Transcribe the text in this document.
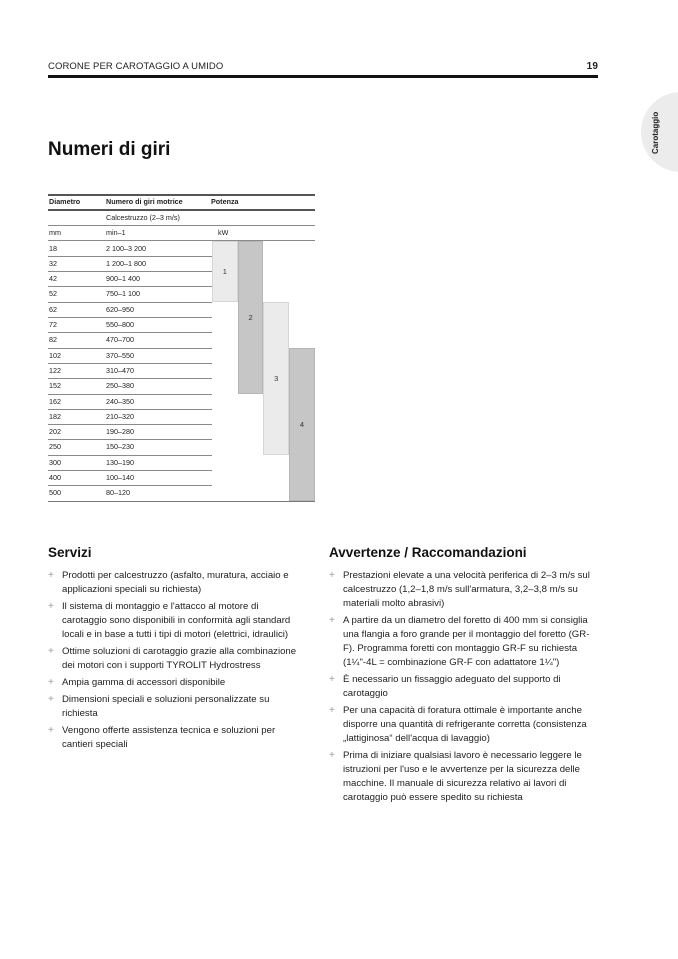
CORONE PER CAROTAGGIO A UMIDO	19
Carotaggio
Numeri di giri
Diametro	Numero di giri motrice	Potenza
Calcestruzzo (2–3 m/s)
mm	min–1	kW
18	2 100–3 200
32	1 200–1 800
42	900–1 400
52	750–1 100
62	620–950
72	550–800
82	470–700
102	370–550
122	310–470
152	250–380
162	240–350
182	210–320
202	190–280
250	150–230
300	130–190
400	100–140
500	80–120
1
2
3
4
Servizi
+ Prodotti per calcestruzzo (asfalto, muratura, acciaio e applicazioni speciali su richiesta)
+ Il sistema di montaggio e l'attacco al motore di carotaggio sono disponibili in conformità agli standard locali e in base a tutti i tipi di motori (elettrici, idraulici)
+ Ottime soluzioni di carotaggio grazie alla combinazione dei motori con i supporti TYROLIT Hydrostress
+ Ampia gamma di accessori disponibile
+ Dimensioni speciali e soluzioni personalizzate su richiesta
+ Vengono offerte assistenza tecnica e soluzioni per cantieri speciali
Avvertenze / Raccomandazioni
+ Prestazioni elevate a una velocità periferica di 2–3 m/s sul calcestruzzo (1,2–1,8 m/s sull'armatura, 3,2–3,8 m/s su materiali molto abrasivi)
+ A partire da un diametro del foretto di 400 mm si consiglia una flangia a foro grande per il montaggio del foretto (GR-F). Programma foretti con montaggio GR-F su richiesta (1¼"-4L = combinazione GR-F con adattatore 1¼")
+ È necessario un fissaggio adeguato del supporto di carotaggio
+ Per una capacità di foratura ottimale è importante anche disporre una quantità di refrigerante corretta (consistenza „lattiginosa“ dell'acqua di lavaggio)
+ Prima di iniziare qualsiasi lavoro è necessario leggere le istruzioni per l'uso e le avvertenze per la sicurezza delle macchine. Il manuale di sicurezza relativo ai lavori di carotaggio può essere spedito su richiesta
